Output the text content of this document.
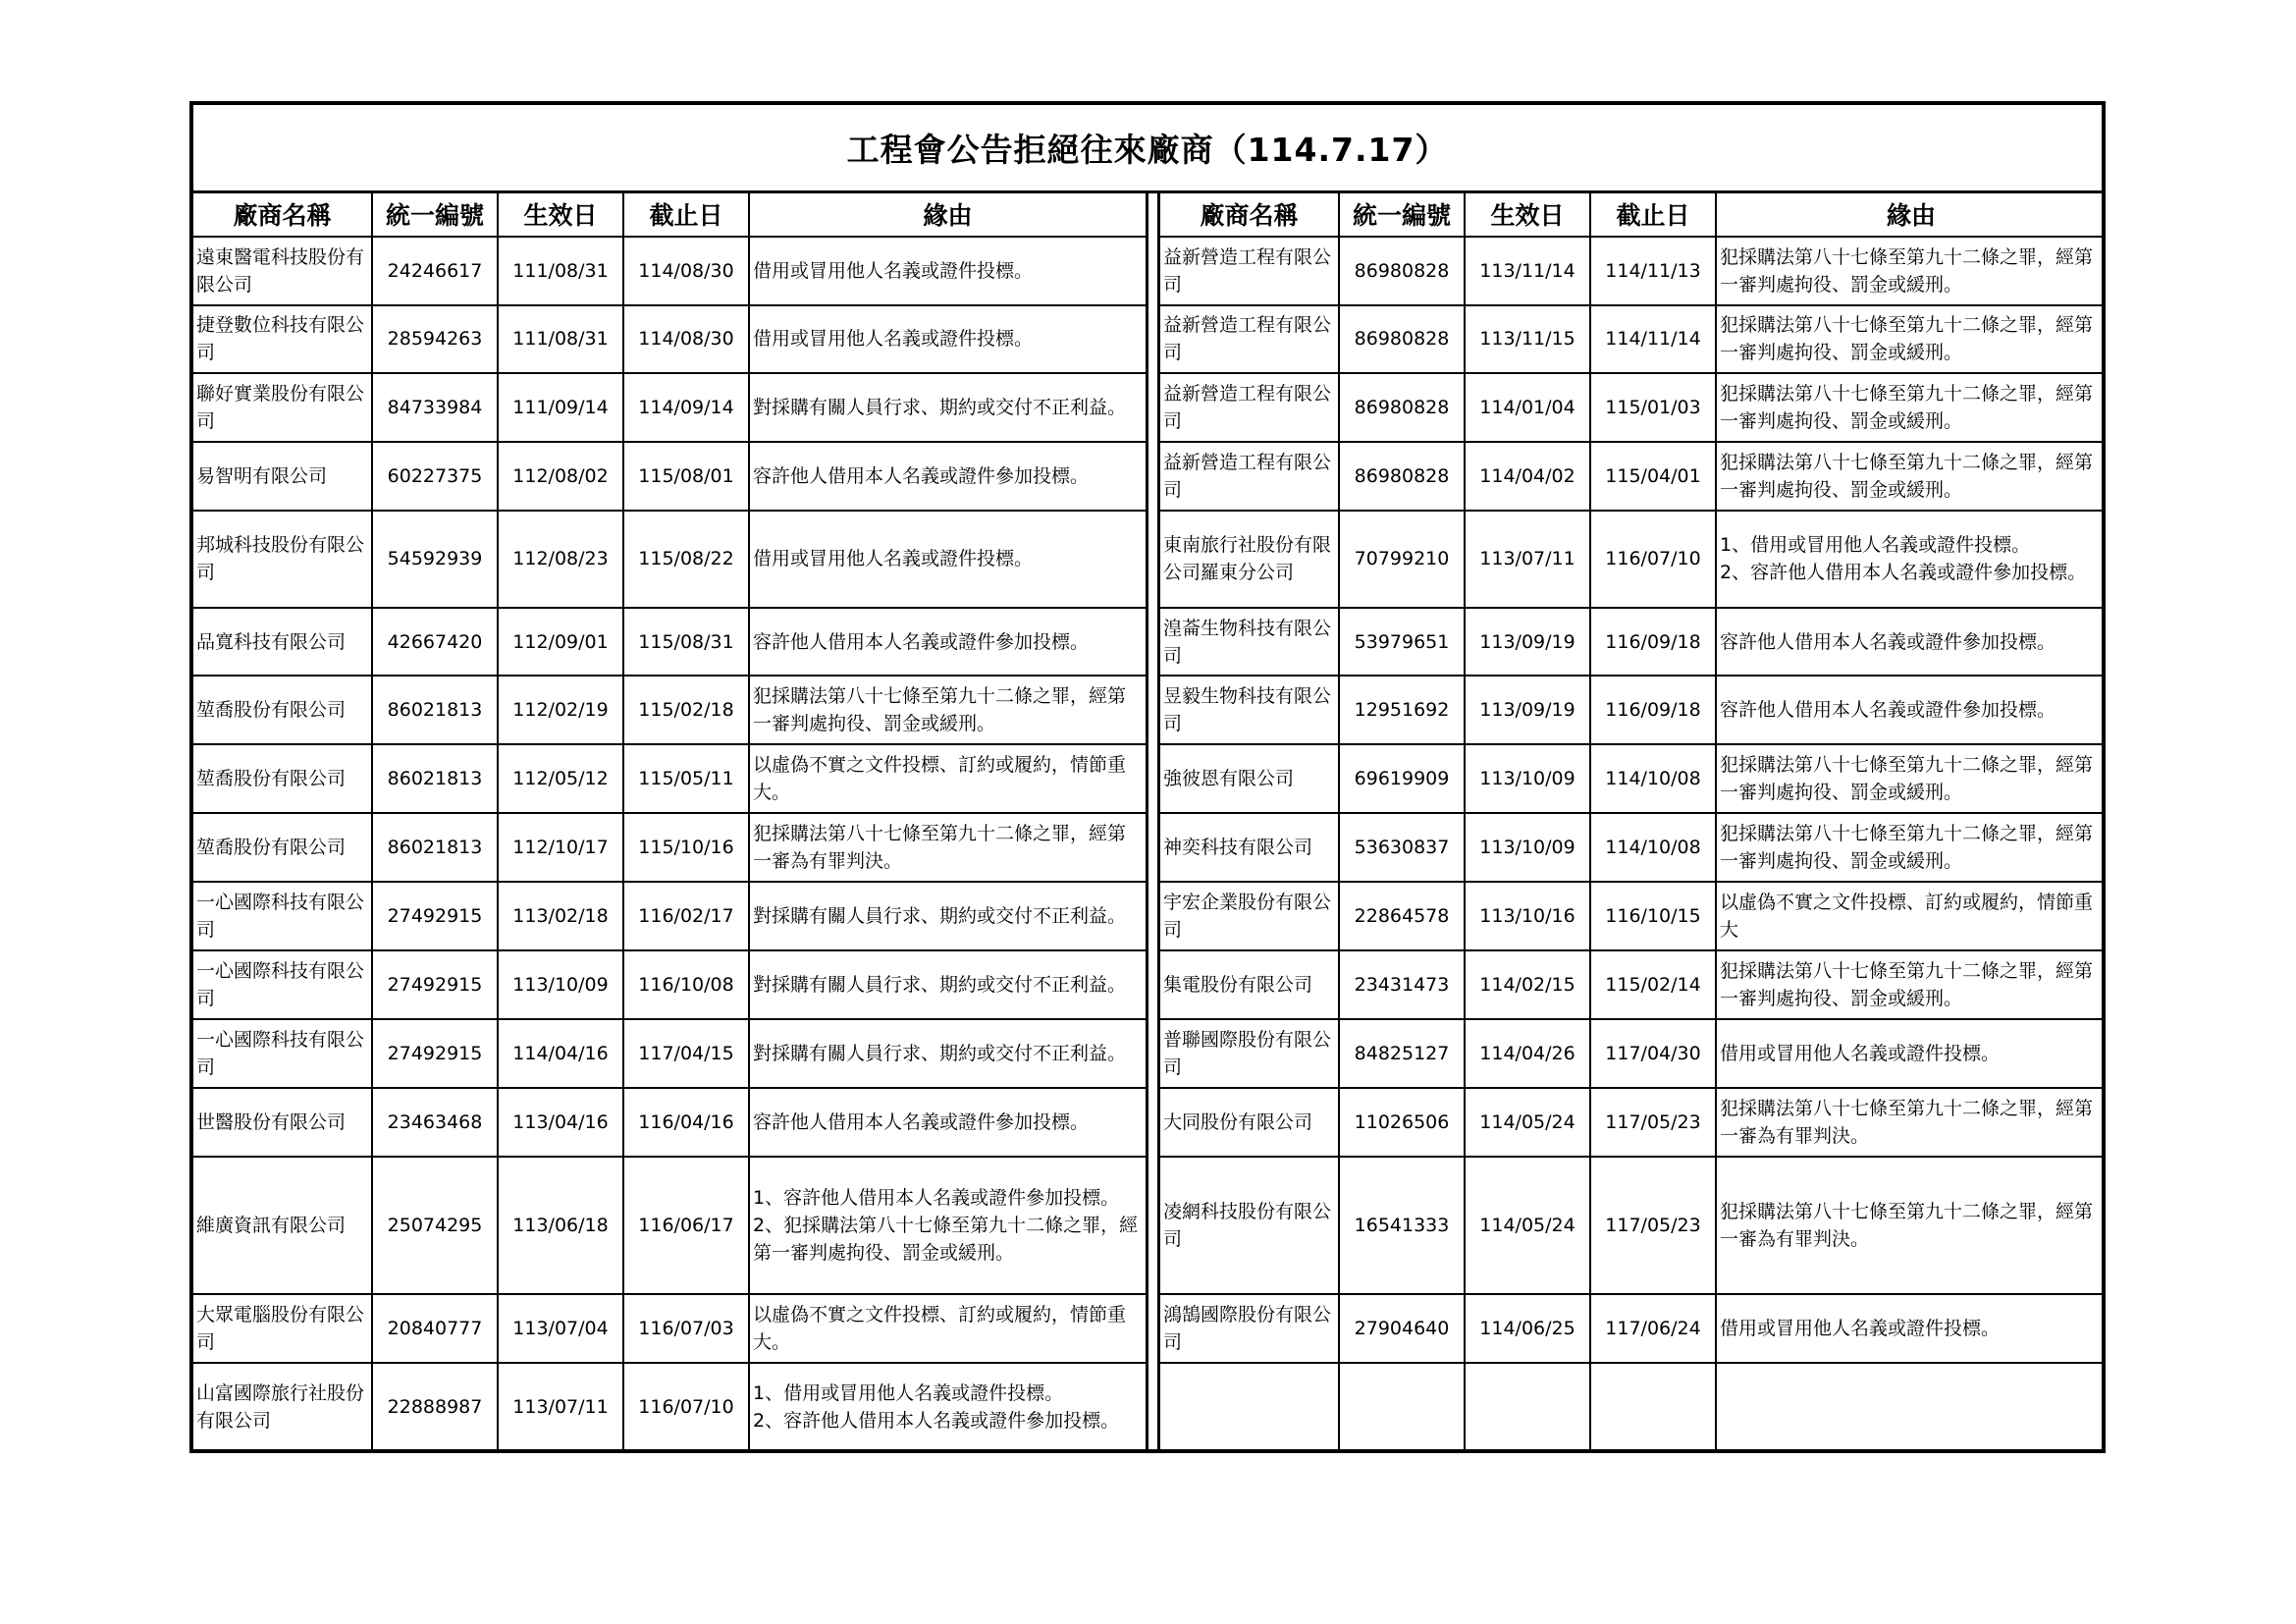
工程會公告拒絕往來廠商（114.7.17）
廠商名稱	統一編號	生效日	截止日	緣由
遠東醫電科技股份有限公司	24246617	111/08/31	114/08/30	借用或冒用他人名義或證件投標。
捷登數位科技有限公司	28594263	111/08/31	114/08/30	借用或冒用他人名義或證件投標。
聯好實業股份有限公司	84733984	111/09/14	114/09/14	對採購有關人員行求、期約或交付不正利益。
易智明有限公司	60227375	112/08/02	115/08/01	容許他人借用本人名義或證件參加投標。
邦城科技股份有限公司	54592939	112/08/23	115/08/22	借用或冒用他人名義或證件投標。
品寬科技有限公司	42667420	112/09/01	115/08/31	容許他人借用本人名義或證件參加投標。
堃喬股份有限公司	86021813	112/02/19	115/02/18	犯採購法第八十七條至第九十二條之罪，經第一審判處拘役、罰金或緩刑。
堃喬股份有限公司	86021813	112/05/12	115/05/11	以虛偽不實之文件投標、訂約或履約，情節重大。
堃喬股份有限公司	86021813	112/10/17	115/10/16	犯採購法第八十七條至第九十二條之罪，經第一審為有罪判決。
一心國際科技有限公司	27492915	113/02/18	116/02/17	對採購有關人員行求、期約或交付不正利益。
一心國際科技有限公司	27492915	113/10/09	116/10/08	對採購有關人員行求、期約或交付不正利益。
一心國際科技有限公司	27492915	114/04/16	117/04/15	對採購有關人員行求、期約或交付不正利益。
世醫股份有限公司	23463468	113/04/16	116/04/16	容許他人借用本人名義或證件參加投標。
維廣資訊有限公司	25074295	113/06/18	116/06/17	1、容許他人借用本人名義或證件參加投標。
2、犯採購法第八十七條至第九十二條之罪，經第一審判處拘役、罰金或緩刑。
大眾電腦股份有限公司	20840777	113/07/04	116/07/03	以虛偽不實之文件投標、訂約或履約，情節重大。
山富國際旅行社股份有限公司	22888987	113/07/11	116/07/10	1、借用或冒用他人名義或證件投標。
2、容許他人借用本人名義或證件參加投標。
廠商名稱	統一編號	生效日	截止日	緣由
益新營造工程有限公司	86980828	113/11/14	114/11/13	犯採購法第八十七條至第九十二條之罪，經第一審判處拘役、罰金或緩刑。
益新營造工程有限公司	86980828	113/11/15	114/11/14	犯採購法第八十七條至第九十二條之罪，經第一審判處拘役、罰金或緩刑。
益新營造工程有限公司	86980828	114/01/04	115/01/03	犯採購法第八十七條至第九十二條之罪，經第一審判處拘役、罰金或緩刑。
益新營造工程有限公司	86980828	114/04/02	115/04/01	犯採購法第八十七條至第九十二條之罪，經第一審判處拘役、罰金或緩刑。
東南旅行社股份有限公司羅東分公司	70799210	113/07/11	116/07/10	1、借用或冒用他人名義或證件投標。
2、容許他人借用本人名義或證件參加投標。
湟菕生物科技有限公司	53979651	113/09/19	116/09/18	容許他人借用本人名義或證件參加投標。
昱毅生物科技有限公司	12951692	113/09/19	116/09/18	容許他人借用本人名義或證件參加投標。
強彼恩有限公司	69619909	113/10/09	114/10/08	犯採購法第八十七條至第九十二條之罪，經第一審判處拘役、罰金或緩刑。
神奕科技有限公司	53630837	113/10/09	114/10/08	犯採購法第八十七條至第九十二條之罪，經第一審判處拘役、罰金或緩刑。
宇宏企業股份有限公司	22864578	113/10/16	116/10/15	以虛偽不實之文件投標、訂約或履約，情節重大
集電股份有限公司	23431473	114/02/15	115/02/14	犯採購法第八十七條至第九十二條之罪，經第一審判處拘役、罰金或緩刑。
普聯國際股份有限公司	84825127	114/04/26	117/04/30	借用或冒用他人名義或證件投標。
大同股份有限公司	11026506	114/05/24	117/05/23	犯採購法第八十七條至第九十二條之罪，經第一審為有罪判決。
凌網科技股份有限公司	16541333	114/05/24	117/05/23	犯採購法第八十七條至第九十二條之罪，經第一審為有罪判決。
鴻鵠國際股份有限公司	27904640	114/06/25	117/06/24	借用或冒用他人名義或證件投標。
